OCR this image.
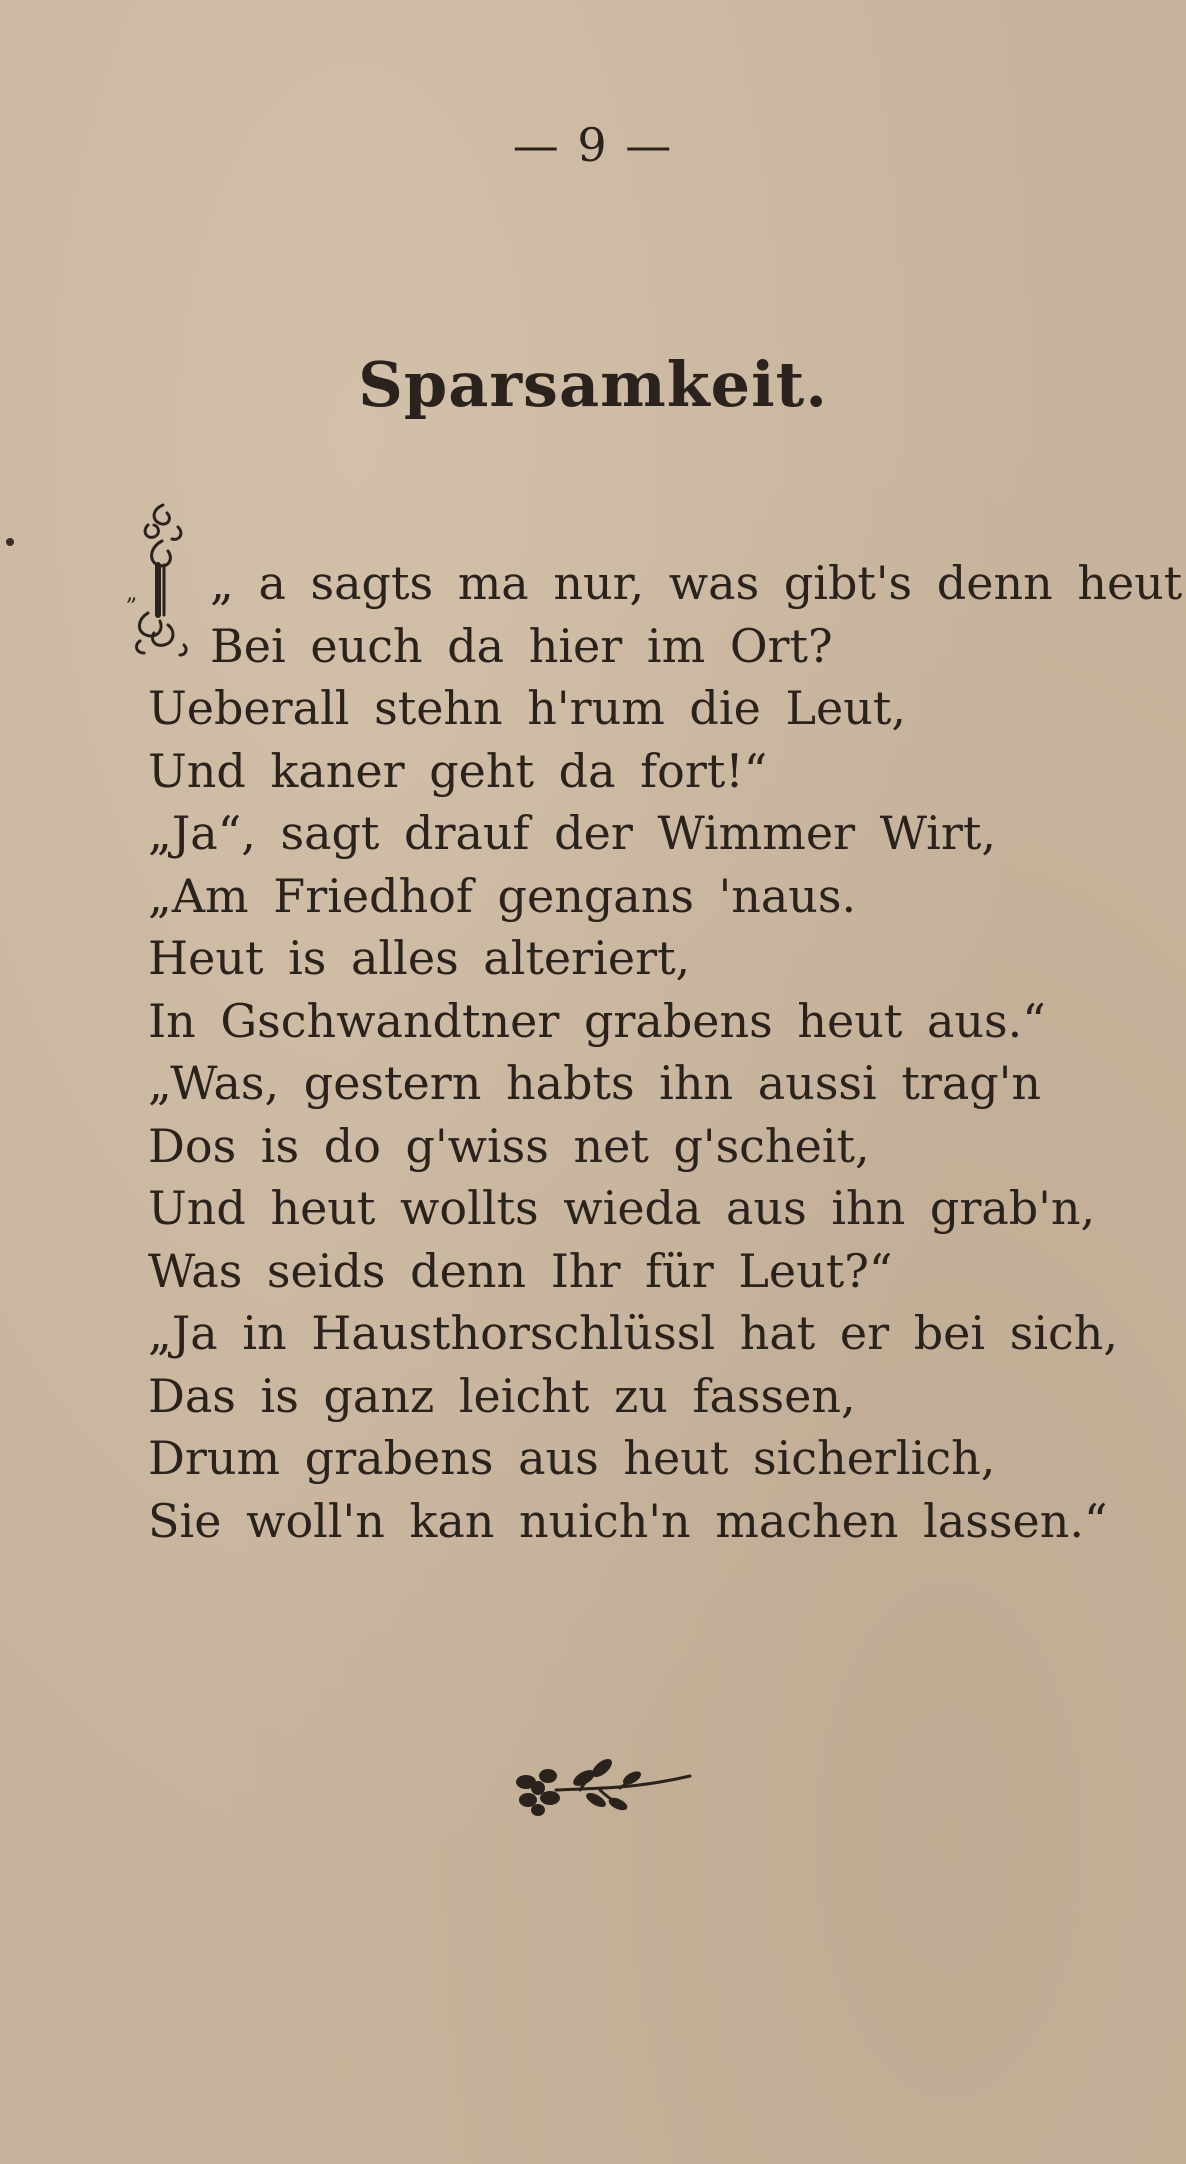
— 9 —
Sparsamkeit.
„	„ a sagts ma nur, was gibt's denn heut
Bei euch da hier im Ort?
Ueberall stehn h'rum die Leut,
Und kaner geht da fort!“
„Ja“, sagt drauf der Wimmer Wirt,
„Am Friedhof gengans 'naus.
Heut is alles alteriert,
In Gschwandtner grabens heut aus.“
„Was, gestern habts ihn aussi trag'n
Dos is do g'wiss net g'scheit,
Und heut wollts wieda aus ihn grab'n,
Was seids denn Ihr für Leut?“
„Ja in Hausthorschlüssl hat er bei sich,
Das is ganz leicht zu fassen,
Drum grabens aus heut sicherlich,
Sie woll'n kan nuich'n machen lassen.“
